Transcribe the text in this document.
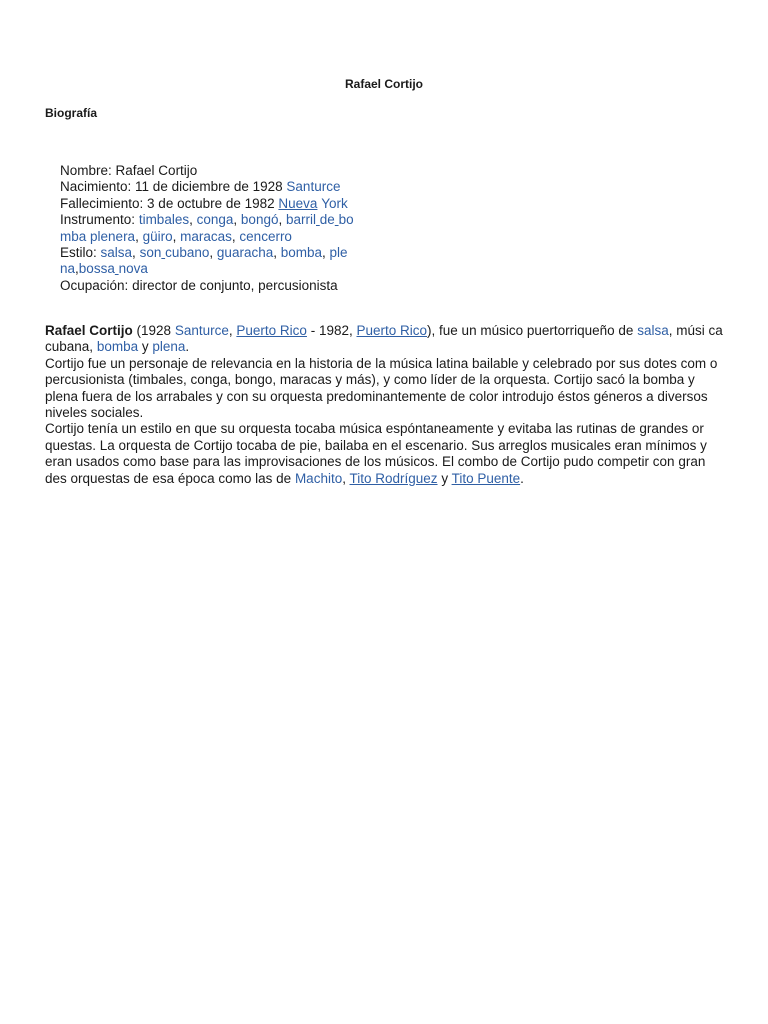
Rafael Cortijo
Biografía
Nombre: Rafael Cortijo
Nacimiento: 11 de diciembre de 1928 Santurce
Fallecimiento: 3 de octubre de 1982 Nueva York
Instrumento: timbales, conga, bongó, barril de bo
mba plenera, güiro, maracas, cencerro
Estilo: salsa, son cubano, guaracha, bomba, ple
na,bossa nova
Ocupación: director de conjunto, percusionista

Rafael Cortijo (1928 Santurce, Puerto Rico - 1982, Puerto Rico), fue un músico puertorriqueño de salsa, músi ca cubana, bomba y plena.

Cortijo fue un personaje de relevancia en la historia de la música latina bailable y celebrado por sus dotes com o percusionista (timbales, conga, bongo, maracas y más), y como líder de la orquesta. Cortijo sacó la bomba y plena fuera de los arrabales y con su orquesta predominantemente de color introdujo éstos géneros a diversos niveles sociales.

Cortijo tenía un estilo en que su orquesta tocaba música espóntaneamente y evitaba las rutinas de grandes or questas. La orquesta de Cortijo tocaba de pie, bailaba en el escenario. Sus arreglos musicales eran mínimos y eran usados como base para las improvisaciones de los músicos. El combo de Cortijo pudo competir con gran des orquestas de esa época como las de Machito, Tito Rodríguez y Tito Puente.
